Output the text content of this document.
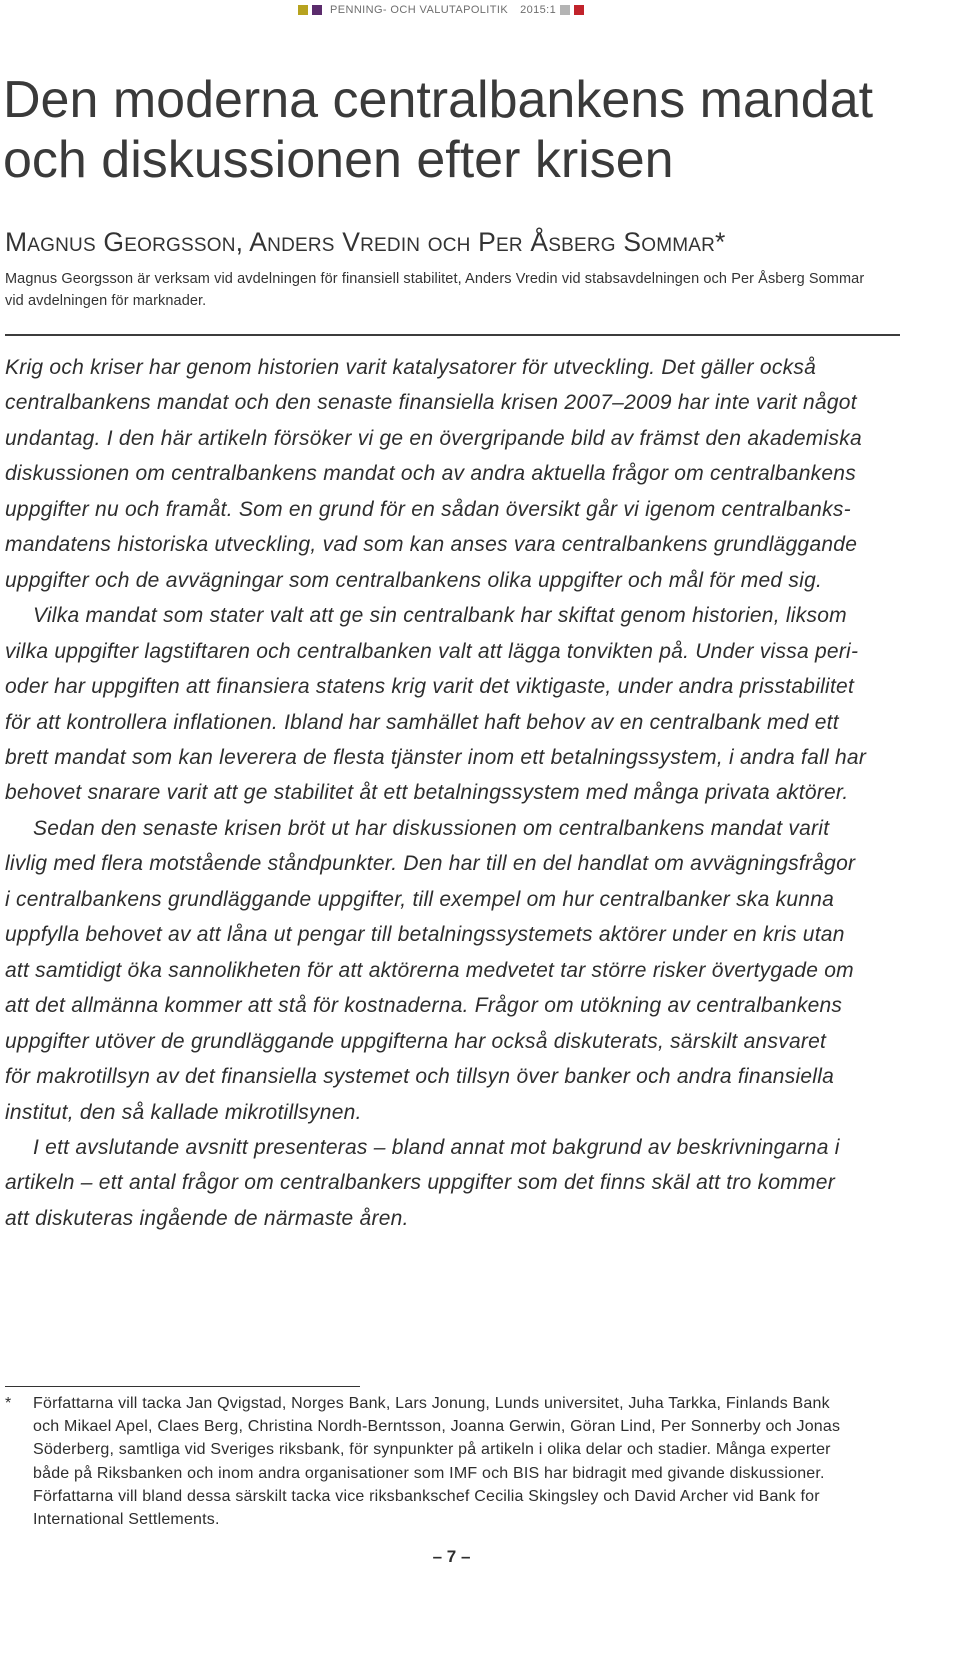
PENNING- OCH VALUTAPOLITIK 2015:1
Den moderna centralbankens mandat
och diskussionen efter krisen
Magnus Georgsson, Anders Vredin och Per Åsberg Sommar*
Magnus Georgsson är verksam vid avdelningen för finansiell stabilitet, Anders Vredin vid stabsavdelningen och Per Åsberg Sommar
vid avdelningen för marknader.
Krig och kriser har genom historien varit katalysatorer för utveckling. Det gäller också
centralbankens mandat och den senaste finansiella krisen 2007–2009 har inte varit något
undantag. I den här artikeln försöker vi ge en övergripande bild av främst den akademiska
diskussionen om centralbankens mandat och av andra aktuella frågor om centralbankens
uppgifter nu och framåt. Som en grund för en sådan översikt går vi igenom centralbanks-
mandatens historiska utveckling, vad som kan anses vara centralbankens grundläggande
uppgifter och de avvägningar som centralbankens olika uppgifter och mål för med sig.
Vilka mandat som stater valt att ge sin centralbank har skiftat genom historien, liksom
vilka uppgifter lagstiftaren och centralbanken valt att lägga tonvikten på. Under vissa peri-
oder har uppgiften att finansiera statens krig varit det viktigaste, under andra prisstabilitet
för att kontrollera inflationen. Ibland har samhället haft behov av en centralbank med ett
brett mandat som kan leverera de flesta tjänster inom ett betalningssystem, i andra fall har
behovet snarare varit att ge stabilitet åt ett betalningssystem med många privata aktörer.
Sedan den senaste krisen bröt ut har diskussionen om centralbankens mandat varit
livlig med flera motstående ståndpunkter. Den har till en del handlat om avvägningsfrågor
i centralbankens grundläggande uppgifter, till exempel om hur centralbanker ska kunna
uppfylla behovet av att låna ut pengar till betalningssystemets aktörer under en kris utan
att samtidigt öka sannolikheten för att aktörerna medvetet tar större risker övertygade om
att det allmänna kommer att stå för kostnaderna. Frågor om utökning av centralbankens
uppgifter utöver de grundläggande uppgifterna har också diskuterats, särskilt ansvaret
för makrotillsyn av det finansiella systemet och tillsyn över banker och andra finansiella
institut, den så kallade mikrotillsynen.
I ett avslutande avsnitt presenteras – bland annat mot bakgrund av beskrivningarna i
artikeln – ett antal frågor om centralbankers uppgifter som det finns skäl att tro kommer
att diskuteras ingående de närmaste åren.
* Författarna vill tacka Jan Qvigstad, Norges Bank, Lars Jonung, Lunds universitet, Juha Tarkka, Finlands Bank
och Mikael Apel, Claes Berg, Christina Nordh-Berntsson, Joanna Gerwin, Göran Lind, Per Sonnerby och Jonas
Söderberg, samtliga vid Sveriges riksbank, för synpunkter på artikeln i olika delar och stadier. Många experter
både på Riksbanken och inom andra organisationer som IMF och BIS har bidragit med givande diskussioner.
Författarna vill bland dessa särskilt tacka vice riksbankschef Cecilia Skingsley och David Archer vid Bank for
International Settlements.
– 7 –
